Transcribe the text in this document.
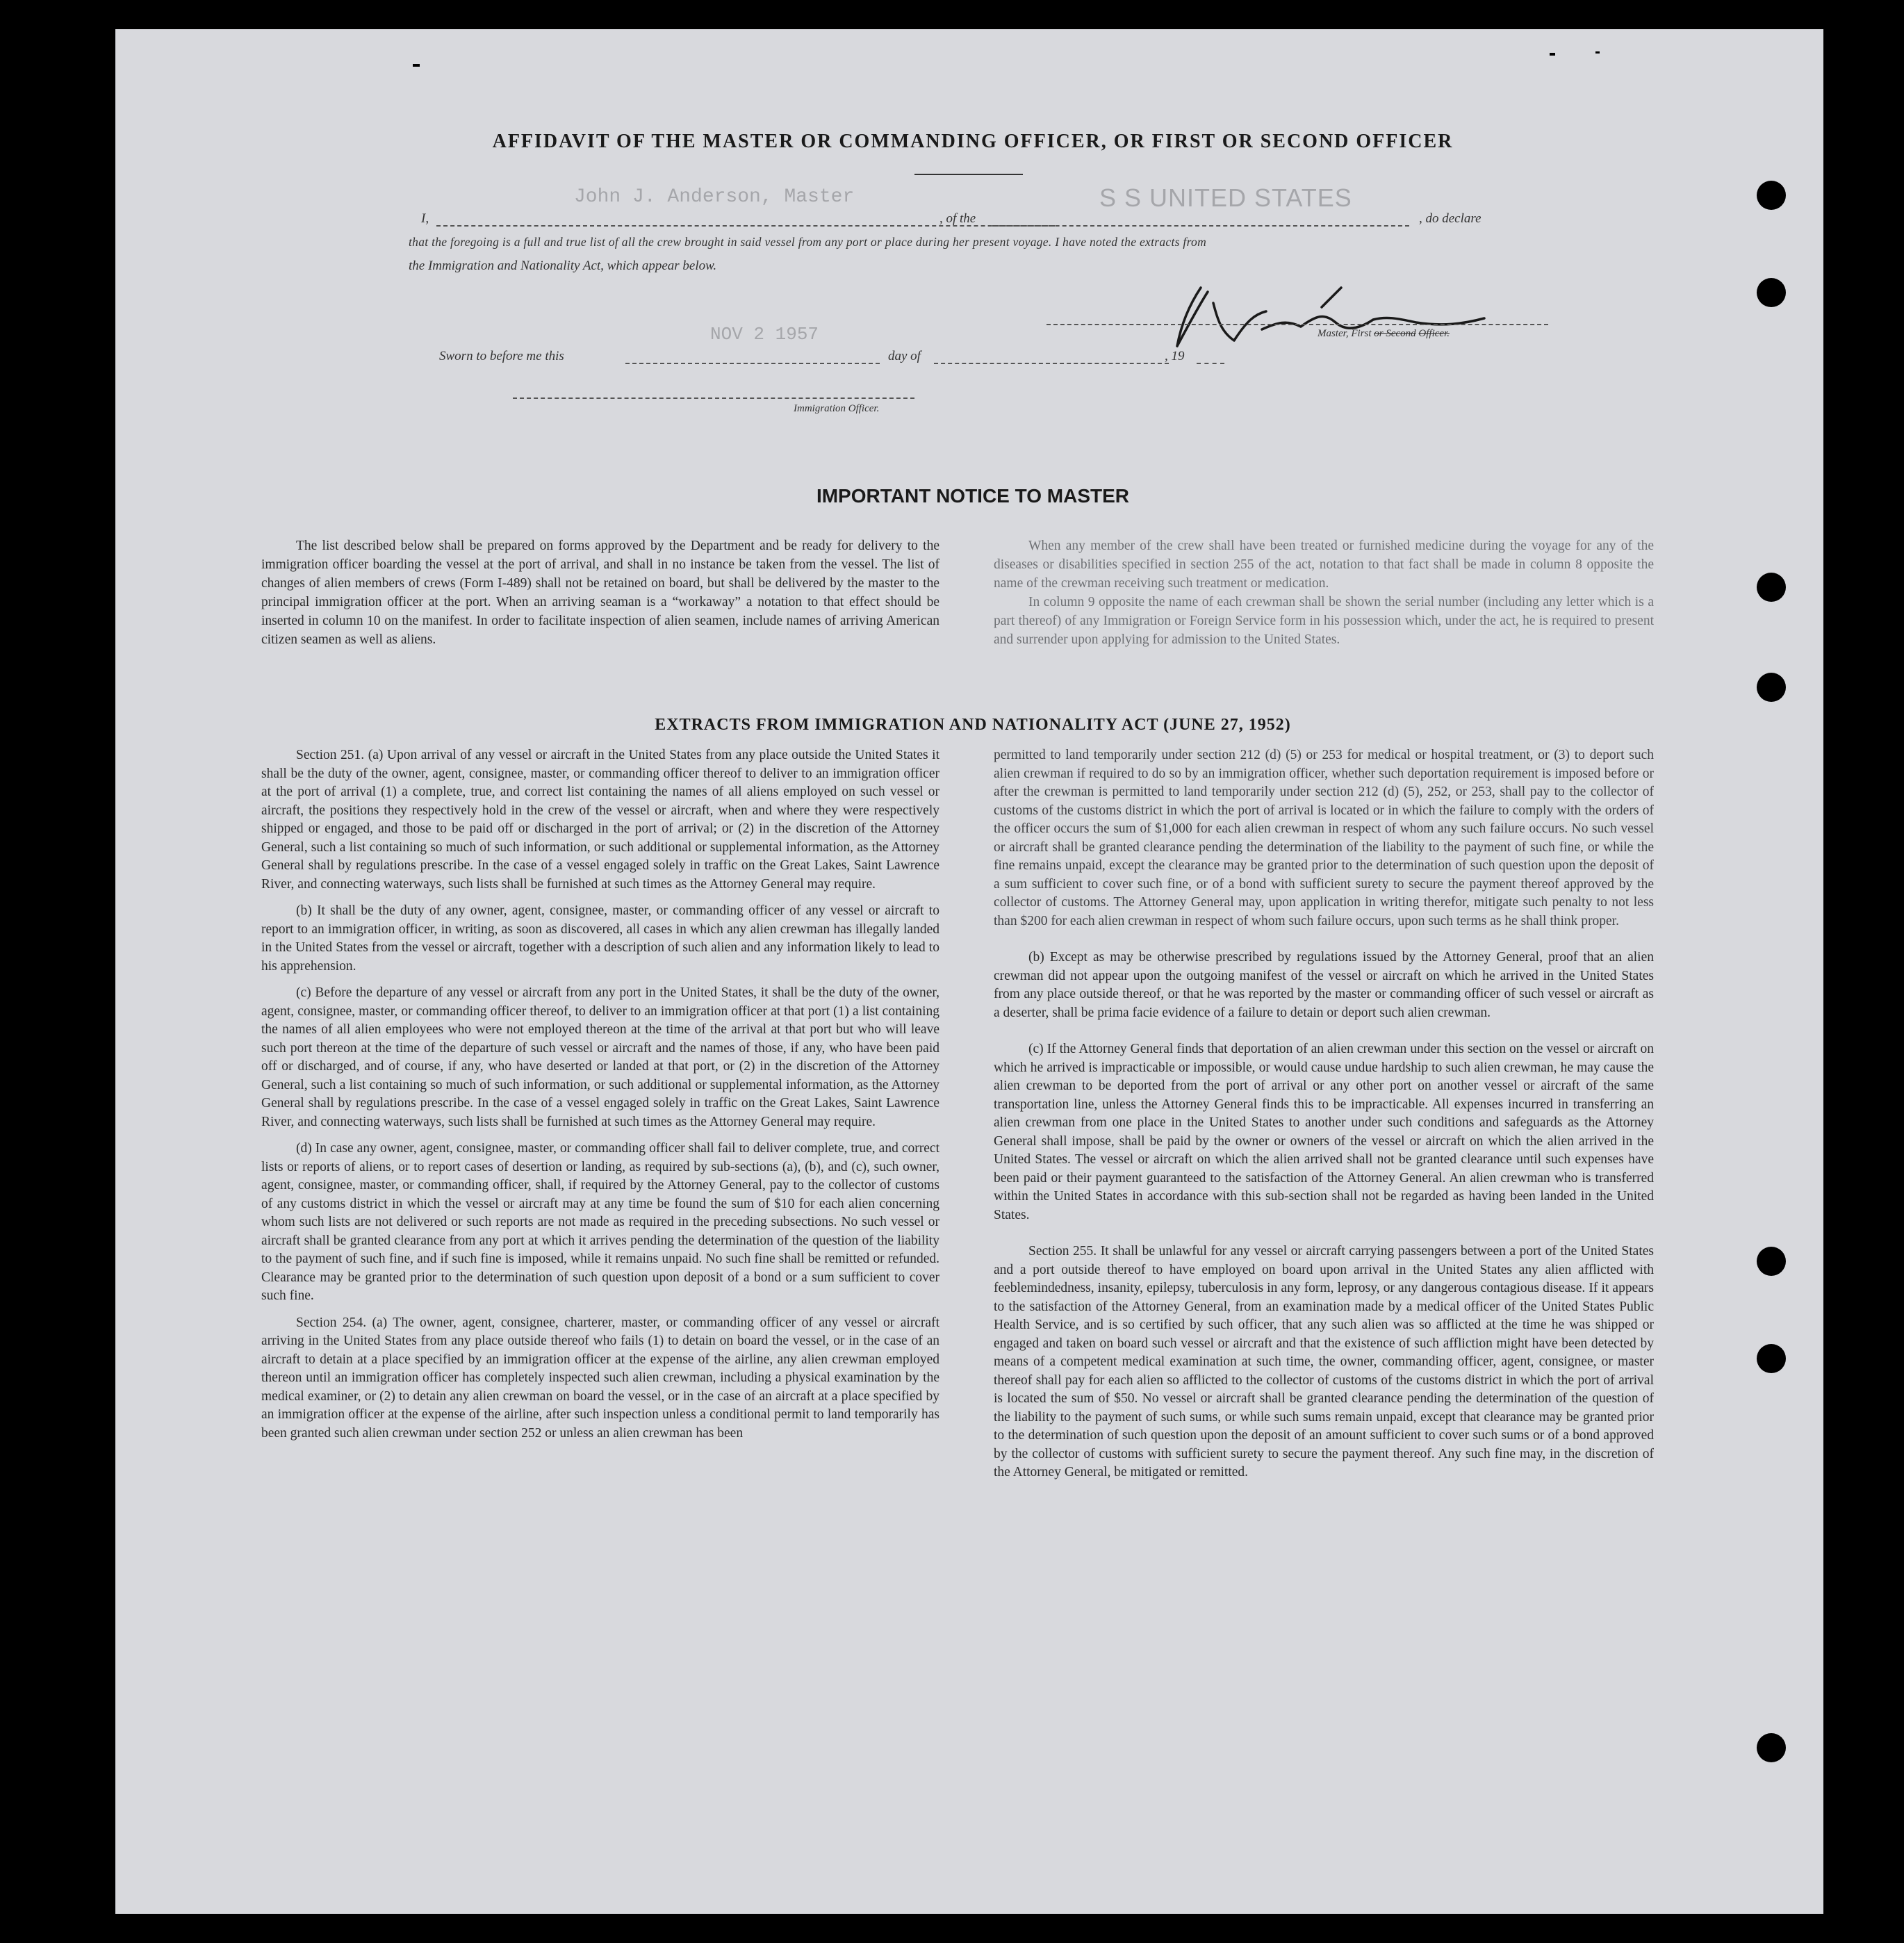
AFFIDAVIT OF THE MASTER OR COMMANDING OFFICER, OR FIRST OR SECOND OFFICER
I,
John J. Anderson, Master
, of the
S S UNITED STATES
, do declare
that the foregoing is a full and true list of all the crew brought in said vessel from any port or place during her present voyage. I have noted the extracts from
the Immigration and Nationality Act, which appear below.
Master, First or Second Officer.
NOV 2 1957
Sworn to before me this	day of	, 19
Immigration Officer.
IMPORTANT NOTICE TO MASTER
The list described below shall be prepared on forms approved by the Department and be ready for delivery to the immigration officer boarding the vessel at the port of arrival, and shall in no instance be taken from the vessel. The list of changes of alien members of crews (Form I-489) shall not be retained on board, but shall be delivered by the master to the principal immigration officer at the port. When an arriving seaman is a “workaway” a notation to that effect should be inserted in column 10 on the manifest. In order to facilitate inspection of alien seamen, include names of arriving American citizen seamen as well as aliens.
When any member of the crew shall have been treated or furnished medicine during the voyage for any of the diseases or disabilities specified in section 255 of the act, notation to that fact shall be made in column 8 opposite the name of the crewman receiving such treatment or medication.
In column 9 opposite the name of each crewman shall be shown the serial number (including any letter which is a part thereof) of any Immigration or Foreign Service form in his possession which, under the act, he is required to present and surrender upon applying for admission to the United States.
EXTRACTS FROM IMMIGRATION AND NATIONALITY ACT (JUNE 27, 1952)
Section 251. (a) Upon arrival of any vessel or aircraft in the United States from any place outside the United States it shall be the duty of the owner, agent, consignee, master, or commanding officer thereof to deliver to an immigration officer at the port of arrival (1) a complete, true, and correct list containing the names of all aliens employed on such vessel or aircraft, the positions they respectively hold in the crew of the vessel or aircraft, when and where they were respectively shipped or engaged, and those to be paid off or discharged in the port of arrival; or (2) in the discretion of the Attorney General, such a list containing so much of such information, or such additional or supplemental information, as the Attorney General shall by regulations prescribe. In the case of a vessel engaged solely in traffic on the Great Lakes, Saint Lawrence River, and connecting waterways, such lists shall be furnished at such times as the Attorney General may require.
(b) It shall be the duty of any owner, agent, consignee, master, or commanding officer of any vessel or aircraft to report to an immigration officer, in writing, as soon as discovered, all cases in which any alien crewman has illegally landed in the United States from the vessel or aircraft, together with a description of such alien and any information likely to lead to his apprehension.
(c) Before the departure of any vessel or aircraft from any port in the United States, it shall be the duty of the owner, agent, consignee, master, or commanding officer thereof, to deliver to an immigration officer at that port (1) a list containing the names of all alien employees who were not employed thereon at the time of the arrival at that port but who will leave such port thereon at the time of the departure of such vessel or aircraft and the names of those, if any, who have been paid off or discharged, and of course, if any, who have deserted or landed at that port, or (2) in the discretion of the Attorney General, such a list containing so much of such information, or such additional or supplemental information, as the Attorney General shall by regulations prescribe. In the case of a vessel engaged solely in traffic on the Great Lakes, Saint Lawrence River, and connecting waterways, such lists shall be furnished at such times as the Attorney General may require.
(d) In case any owner, agent, consignee, master, or commanding officer shall fail to deliver complete, true, and correct lists or reports of aliens, or to report cases of desertion or landing, as required by sub-sections (a), (b), and (c), such owner, agent, consignee, master, or commanding officer, shall, if required by the Attorney General, pay to the collector of customs of any customs district in which the vessel or aircraft may at any time be found the sum of $10 for each alien concerning whom such lists are not delivered or such reports are not made as required in the preceding subsections. No such vessel or aircraft shall be granted clearance from any port at which it arrives pending the determination of the question of the liability to the payment of such fine, and if such fine is imposed, while it remains unpaid. No such fine shall be remitted or refunded. Clearance may be granted prior to the determination of such question upon deposit of a bond or a sum sufficient to cover such fine.
Section 254. (a) The owner, agent, consignee, charterer, master, or commanding officer of any vessel or aircraft arriving in the United States from any place outside thereof who fails (1) to detain on board the vessel, or in the case of an aircraft to detain at a place specified by an immigration officer at the expense of the airline, any alien crewman employed thereon until an immigration officer has completely inspected such alien crewman, including a physical examination by the medical examiner, or (2) to detain any alien crewman on board the vessel, or in the case of an aircraft at a place specified by an immigration officer at the expense of the airline, after such inspection unless a conditional permit to land temporarily has been granted such alien crewman under section 252 or unless an alien crewman has been
permitted to land temporarily under section 212 (d) (5) or 253 for medical or hospital treatment, or (3) to deport such alien crewman if required to do so by an immigration officer, whether such deportation requirement is imposed before or after the crewman is permitted to land temporarily under section 212 (d) (5), 252, or 253, shall pay to the collector of customs of the customs district in which the port of arrival is located or in which the failure to comply with the orders of the officer occurs the sum of $1,000 for each alien crewman in respect of whom any such failure occurs. No such vessel or aircraft shall be granted clearance pending the determination of the liability to the payment of such fine, or while the fine remains unpaid, except the clearance may be granted prior to the determination of such question upon the deposit of a sum sufficient to cover such fine, or of a bond with sufficient surety to secure the payment thereof approved by the collector of customs. The Attorney General may, upon application in writing therefor, mitigate such penalty to not less than $200 for each alien crewman in respect of whom such failure occurs, upon such terms as he shall think proper.
(b) Except as may be otherwise prescribed by regulations issued by the Attorney General, proof that an alien crewman did not appear upon the outgoing manifest of the vessel or aircraft on which he arrived in the United States from any place outside thereof, or that he was reported by the master or commanding officer of such vessel or aircraft as a deserter, shall be prima facie evidence of a failure to detain or deport such alien crewman.
(c) If the Attorney General finds that deportation of an alien crewman under this section on the vessel or aircraft on which he arrived is impracticable or impossible, or would cause undue hardship to such alien crewman, he may cause the alien crewman to be deported from the port of arrival or any other port on another vessel or aircraft of the same transportation line, unless the Attorney General finds this to be impracticable. All expenses incurred in transferring an alien crewman from one place in the United States to another under such conditions and safeguards as the Attorney General shall impose, shall be paid by the owner or owners of the vessel or aircraft on which the alien arrived in the United States. The vessel or aircraft on which the alien arrived shall not be granted clearance until such expenses have been paid or their payment guaranteed to the satisfaction of the Attorney General. An alien crewman who is transferred within the United States in accordance with this sub-section shall not be regarded as having been landed in the United States.
Section 255. It shall be unlawful for any vessel or aircraft carrying passengers between a port of the United States and a port outside thereof to have employed on board upon arrival in the United States any alien afflicted with feeblemindedness, insanity, epilepsy, tuberculosis in any form, leprosy, or any dangerous contagious disease. If it appears to the satisfaction of the Attorney General, from an examination made by a medical officer of the United States Public Health Service, and is so certified by such officer, that any such alien was so afflicted at the time he was shipped or engaged and taken on board such vessel or aircraft and that the existence of such affliction might have been detected by means of a competent medical examination at such time, the owner, commanding officer, agent, consignee, or master thereof shall pay for each alien so afflicted to the collector of customs of the customs district in which the port of arrival is located the sum of $50. No vessel or aircraft shall be granted clearance pending the determination of the question of the liability to the payment of such sums, or while such sums remain unpaid, except that clearance may be granted prior to the determination of such question upon the deposit of an amount sufficient to cover such sums or of a bond approved by the collector of customs with sufficient surety to secure the payment thereof. Any such fine may, in the discretion of the Attorney General, be mitigated or remitted.
